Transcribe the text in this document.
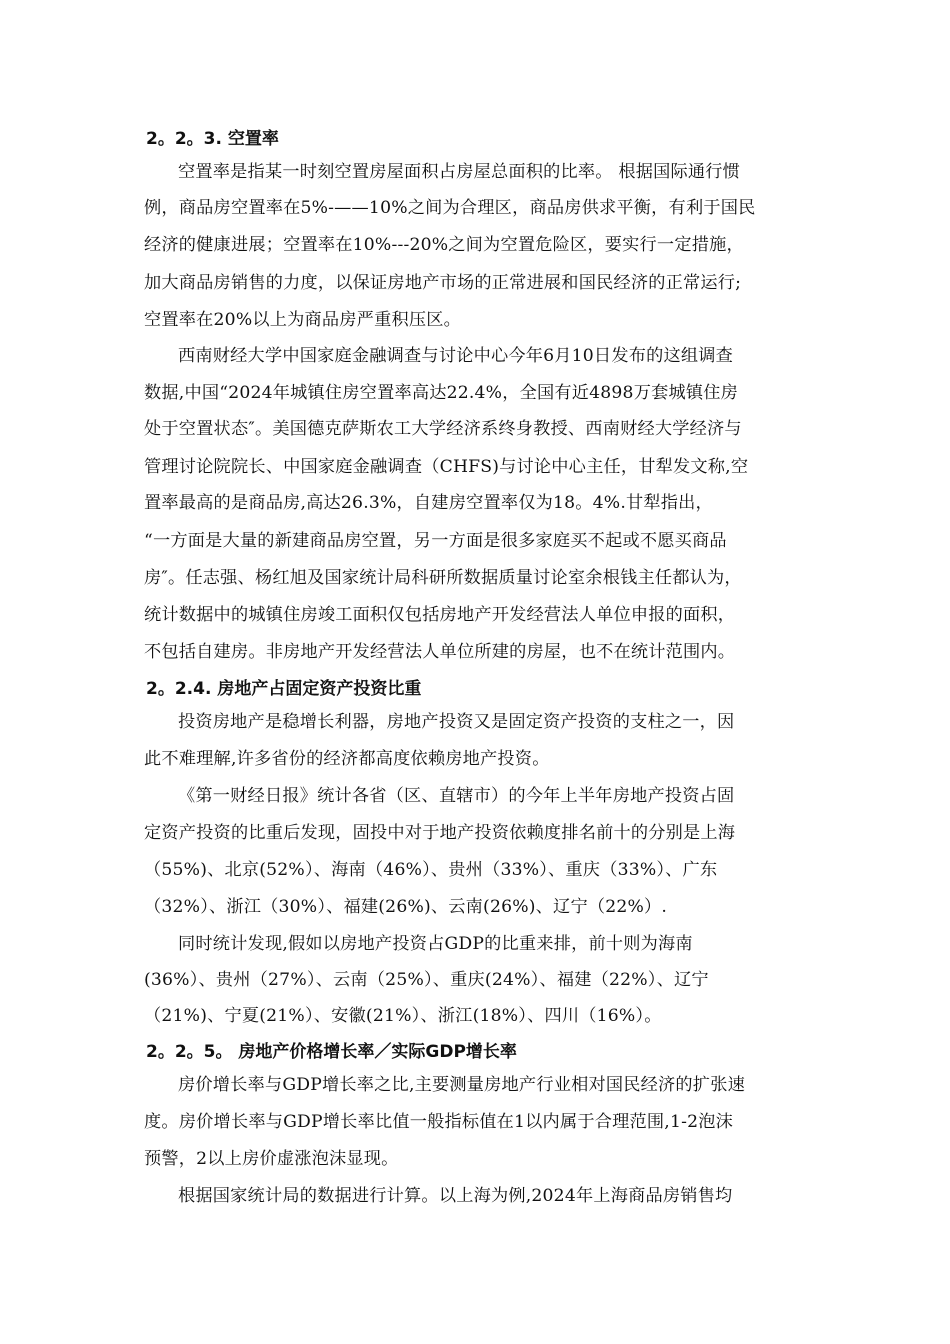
2。2。3. 空置率
空置率是指某一时刻空置房屋面积占房屋总面积的比率。 根据国际通行惯
例，商品房空置率在5%-——10%之间为合理区，商品房供求平衡，有利于国民
经济的健康进展；空置率在10%---20%之间为空置危险区，要实行一定措施，
加大商品房销售的力度，以保证房地产市场的正常进展和国民经济的正常运行;
空置率在20%以上为商品房严重积压区。
西南财经大学中国家庭金融调查与讨论中心今年6月10日发布的这组调查
数据,中国“2024年城镇住房空置率高达22.4%，全国有近4898万套城镇住房
处于空置状态″。美国德克萨斯农工大学经济系终身教授、西南财经大学经济与
管理讨论院院长、中国家庭金融调查（CHFS)与讨论中心主任，甘犁发文称,空
置率最高的是商品房,高达26.3%，自建房空置率仅为18。4%.甘犁指出，
“一方面是大量的新建商品房空置，另一方面是很多家庭买不起或不愿买商品
房″。任志强、杨红旭及国家统计局科研所数据质量讨论室余根钱主任都认为，
统计数据中的城镇住房竣工面积仅包括房地产开发经营法人单位申报的面积，
不包括自建房。非房地产开发经营法人单位所建的房屋，也不在统计范围内。
2。2.4. 房地产占固定资产投资比重
投资房地产是稳增长利器，房地产投资又是固定资产投资的支柱之一，因
此不难理解,许多省份的经济都高度依赖房地产投资。
《第一财经日报》统计各省（区、直辖市）的今年上半年房地产投资占固
定资产投资的比重后发现，固投中对于地产投资依赖度排名前十的分别是上海
（55%)、北京(52%）、海南（46%）、贵州（33%）、重庆（33%）、广东
（32%）、浙江（30%）、福建(26%)、云南(26%)、辽宁（22%）.
同时统计发现,假如以房地产投资占GDP的比重来排，前十则为海南
(36%）、贵州（27%）、云南（25%）、重庆(24%）、福建（22%）、辽宁
（21%)、宁夏(21%）、安徽(21%）、浙江(18%）、四川（16%）。
2。2。5。 房地产价格增长率／实际GDP增长率
房价增长率与GDP增长率之比,主要测量房地产行业相对国民经济的扩张速
度。房价增长率与GDP增长率比值一般指标值在1以内属于合理范围,1-2泡沫
预警，2以上房价虚涨泡沫显现。
根据国家统计局的数据进行计算。以上海为例,2024年上海商品房销售均
